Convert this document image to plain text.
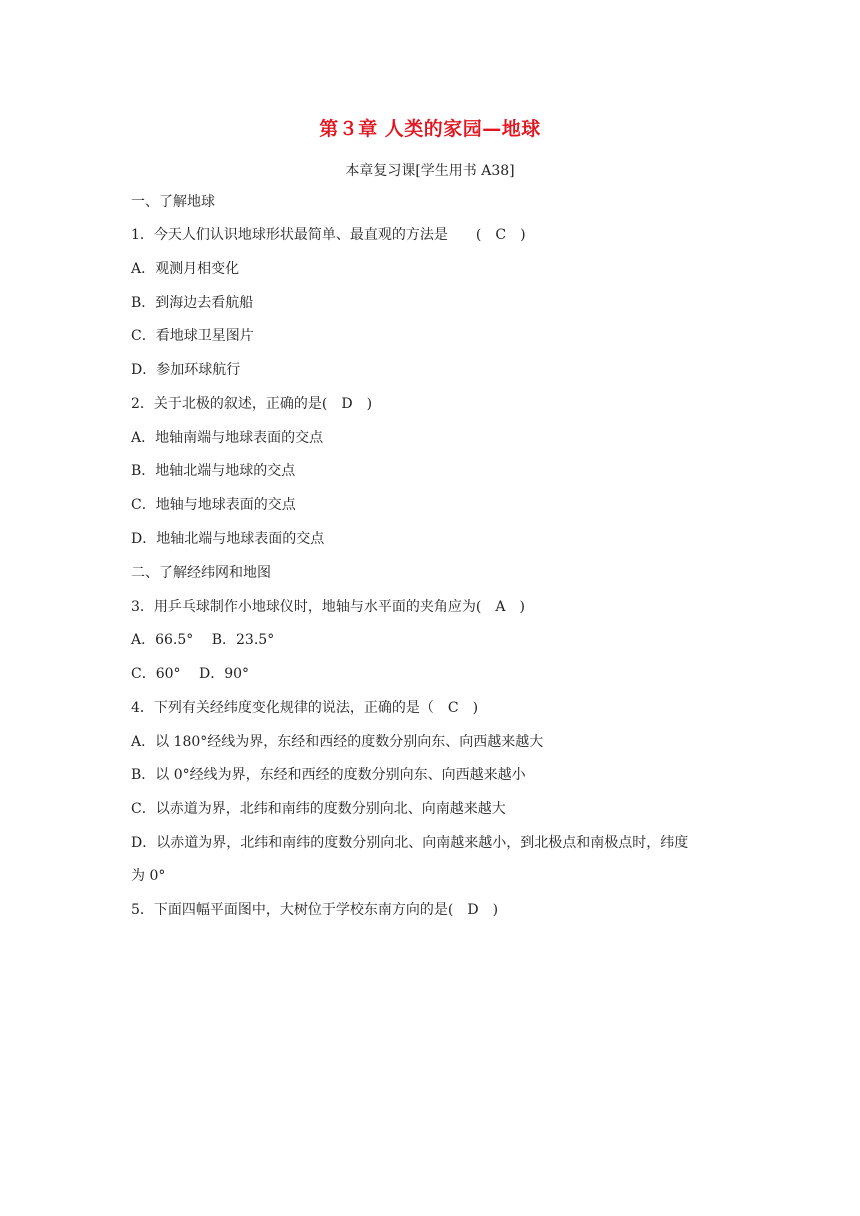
第３章 人类的家园—地球
本章复习课[学生用书 A38]
一、了解地球
1．今天人们认识地球形状最简单、最直观的方法是　　(　C　)
A．观测月相变化
B．到海边去看航船
C．看地球卫星图片
D．参加环球航行
2．关于北极的叙述，正确的是(　D　)
A．地轴南端与地球表面的交点
B．地轴北端与地球的交点
C．地轴与地球表面的交点
D．地轴北端与地球表面的交点
二、了解经纬网和地图
3．用乒乓球制作小地球仪时，地轴与水平面的夹角应为(　A　)
A．66.5°　 B．23.5°
C．60°　 D．90°
4．下列有关经纬度变化规律的说法，正确的是（　C　)
A．以 180°经线为界，东经和西经的度数分别向东、向西越来越大
B．以 0°经线为界，东经和西经的度数分别向东、向西越来越小
C．以赤道为界，北纬和南纬的度数分别向北、向南越来越大
D．以赤道为界，北纬和南纬的度数分别向北、向南越来越小，到北极点和南极点时，纬度
为 0°
5．下面四幅平面图中，大树位于学校东南方向的是(　D　)
